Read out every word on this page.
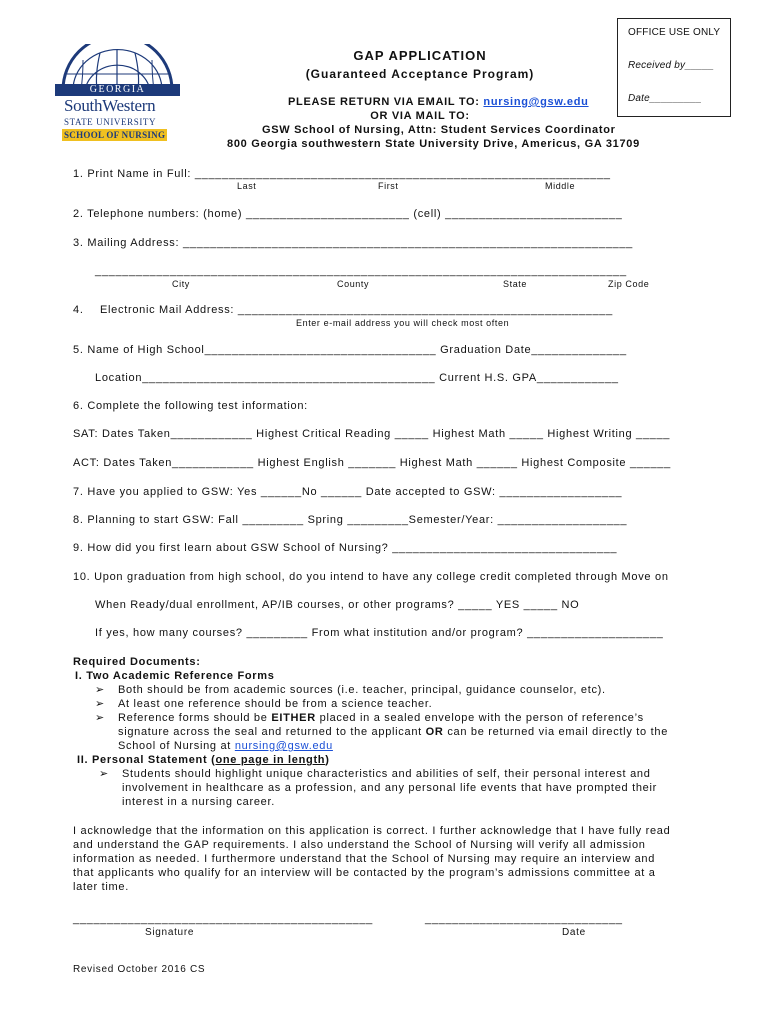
OFFICE USE ONLY
Received by_____
Date_________
GEORGIA
SouthWestern
STATE UNIVERSITY
SCHOOL OF NURSING
GAP APPLICATION
(Guaranteed Acceptance Program)
PLEASE RETURN VIA EMAIL TO: nursing@gsw.edu
OR VIA MAIL TO:
GSW School of Nursing, Attn: Student Services Coordinator
800 Georgia southwestern State University Drive, Americus, GA 31709
1. Print Name in Full: _____________________________________________________________
Last	First	Middle
2. Telephone numbers: (home) ________________________ (cell) __________________________
3. Mailing Address: __________________________________________________________________
______________________________________________________________________________
City	County	State	Zip Code
4. Electronic Mail Address: _______________________________________________________
Enter e-mail address you will check most often
5. Name of High School__________________________________ Graduation Date______________
Location___________________________________________ Current H.S. GPA____________
6. Complete the following test information:
SAT: Dates Taken____________ Highest Critical Reading _____ Highest Math _____ Highest Writing _____
ACT: Dates Taken____________ Highest English _______ Highest Math ______ Highest Composite ______
7. Have you applied to GSW: Yes ______No ______ Date accepted to GSW: __________________
8. Planning to start GSW: Fall _________ Spring _________Semester/Year: ___________________
9. How did you first learn about GSW School of Nursing? _________________________________
10. Upon graduation from high school, do you intend to have any college credit completed through Move on
When Ready/dual enrollment, AP/IB courses, or other programs? _____ YES _____ NO
If yes, how many courses? _________ From what institution and/or program? ____________________
Required Documents:
I. Two Academic Reference Forms
➢ Both should be from academic sources (i.e. teacher, principal, guidance counselor, etc).
➢ At least one reference should be from a science teacher.
➢ Reference forms should be EITHER placed in a sealed envelope with the person of reference’s
signature across the seal and returned to the applicant OR can be returned via email directly to the
School of Nursing at nursing@gsw.edu
II. Personal Statement (one page in length)
➢ Students should highlight unique characteristics and abilities of self, their personal interest and
involvement in healthcare as a profession, and any personal life events that have prompted their
interest in a nursing career.
I acknowledge that the information on this application is correct. I further acknowledge that I have fully read
and understand the GAP requirements. I also understand the School of Nursing will verify all admission
information as needed. I furthermore understand that the School of Nursing may require an interview and
that applicants who qualify for an interview will be contacted by the program’s admissions committee at a
later time.
____________________________________________
Signature
_____________________________
Date
Revised October 2016 CS
